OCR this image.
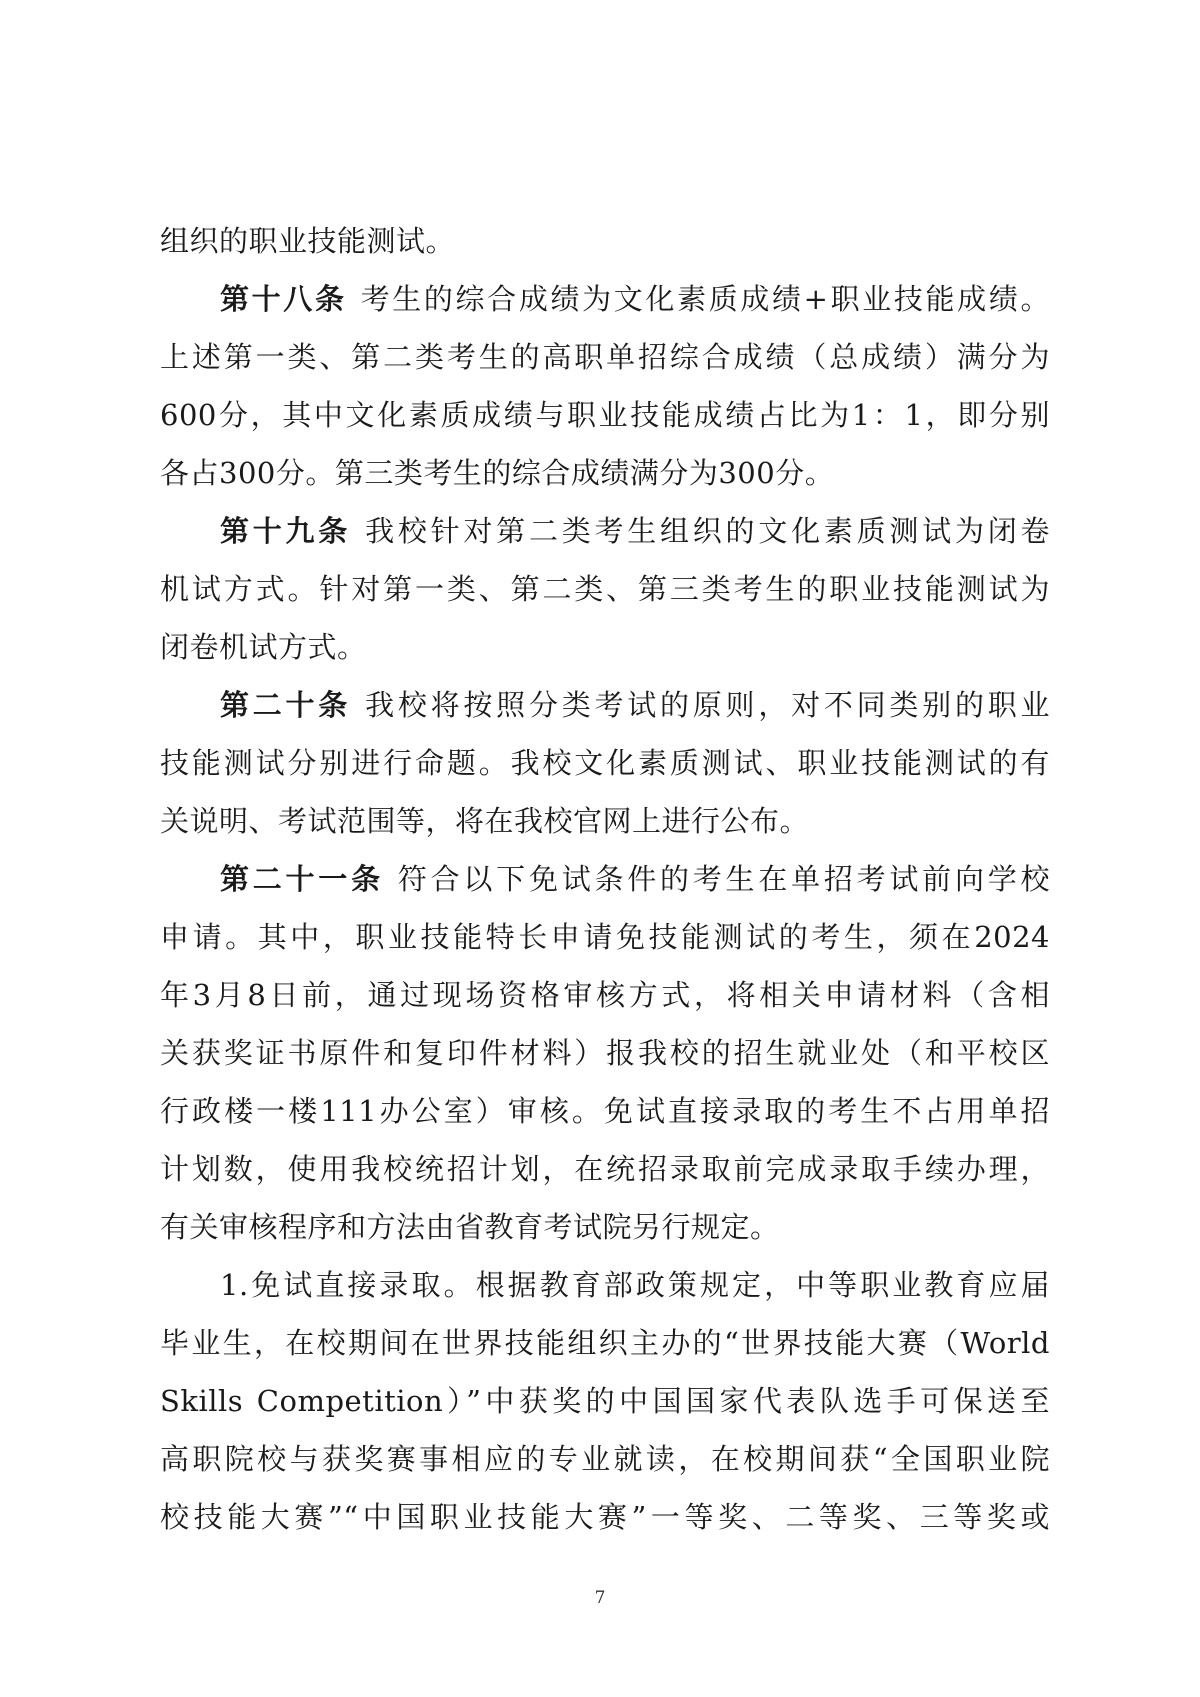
组织的职业技能测试。
第十八条 考生的综合成绩为文化素质成绩+职业技能成绩。
上述第一类、第二类考生的高职单招综合成绩（总成绩）满分为
600分，其中文化素质成绩与职业技能成绩占比为1：1，即分别
各占300分。第三类考生的综合成绩满分为300分。
第十九条 我校针对第二类考生组织的文化素质测试为闭卷
机试方式。针对第一类、第二类、第三类考生的职业技能测试为
闭卷机试方式。
第二十条 我校将按照分类考试的原则，对不同类别的职业
技能测试分别进行命题。我校文化素质测试、职业技能测试的有
关说明、考试范围等，将在我校官网上进行公布。
第二十一条 符合以下免试条件的考生在单招考试前向学校
申请。其中，职业技能特长申请免技能测试的考生，须在2024
年3月8日前，通过现场资格审核方式，将相关申请材料（含相
关获奖证书原件和复印件材料）报我校的招生就业处（和平校区
行政楼一楼111办公室）审核。免试直接录取的考生不占用单招
计划数，使用我校统招计划，在统招录取前完成录取手续办理，
有关审核程序和方法由省教育考试院另行规定。
1.免试直接录取。根据教育部政策规定，中等职业教育应届
毕业生，在校期间在世界技能组织主办的“世界技能大赛（World
Skills Competition）”中获奖的中国国家代表队选手可保送至
高职院校与获奖赛事相应的专业就读，在校期间获“全国职业院
校技能大赛”“中国职业技能大赛”一等奖、二等奖、三等奖或
7
